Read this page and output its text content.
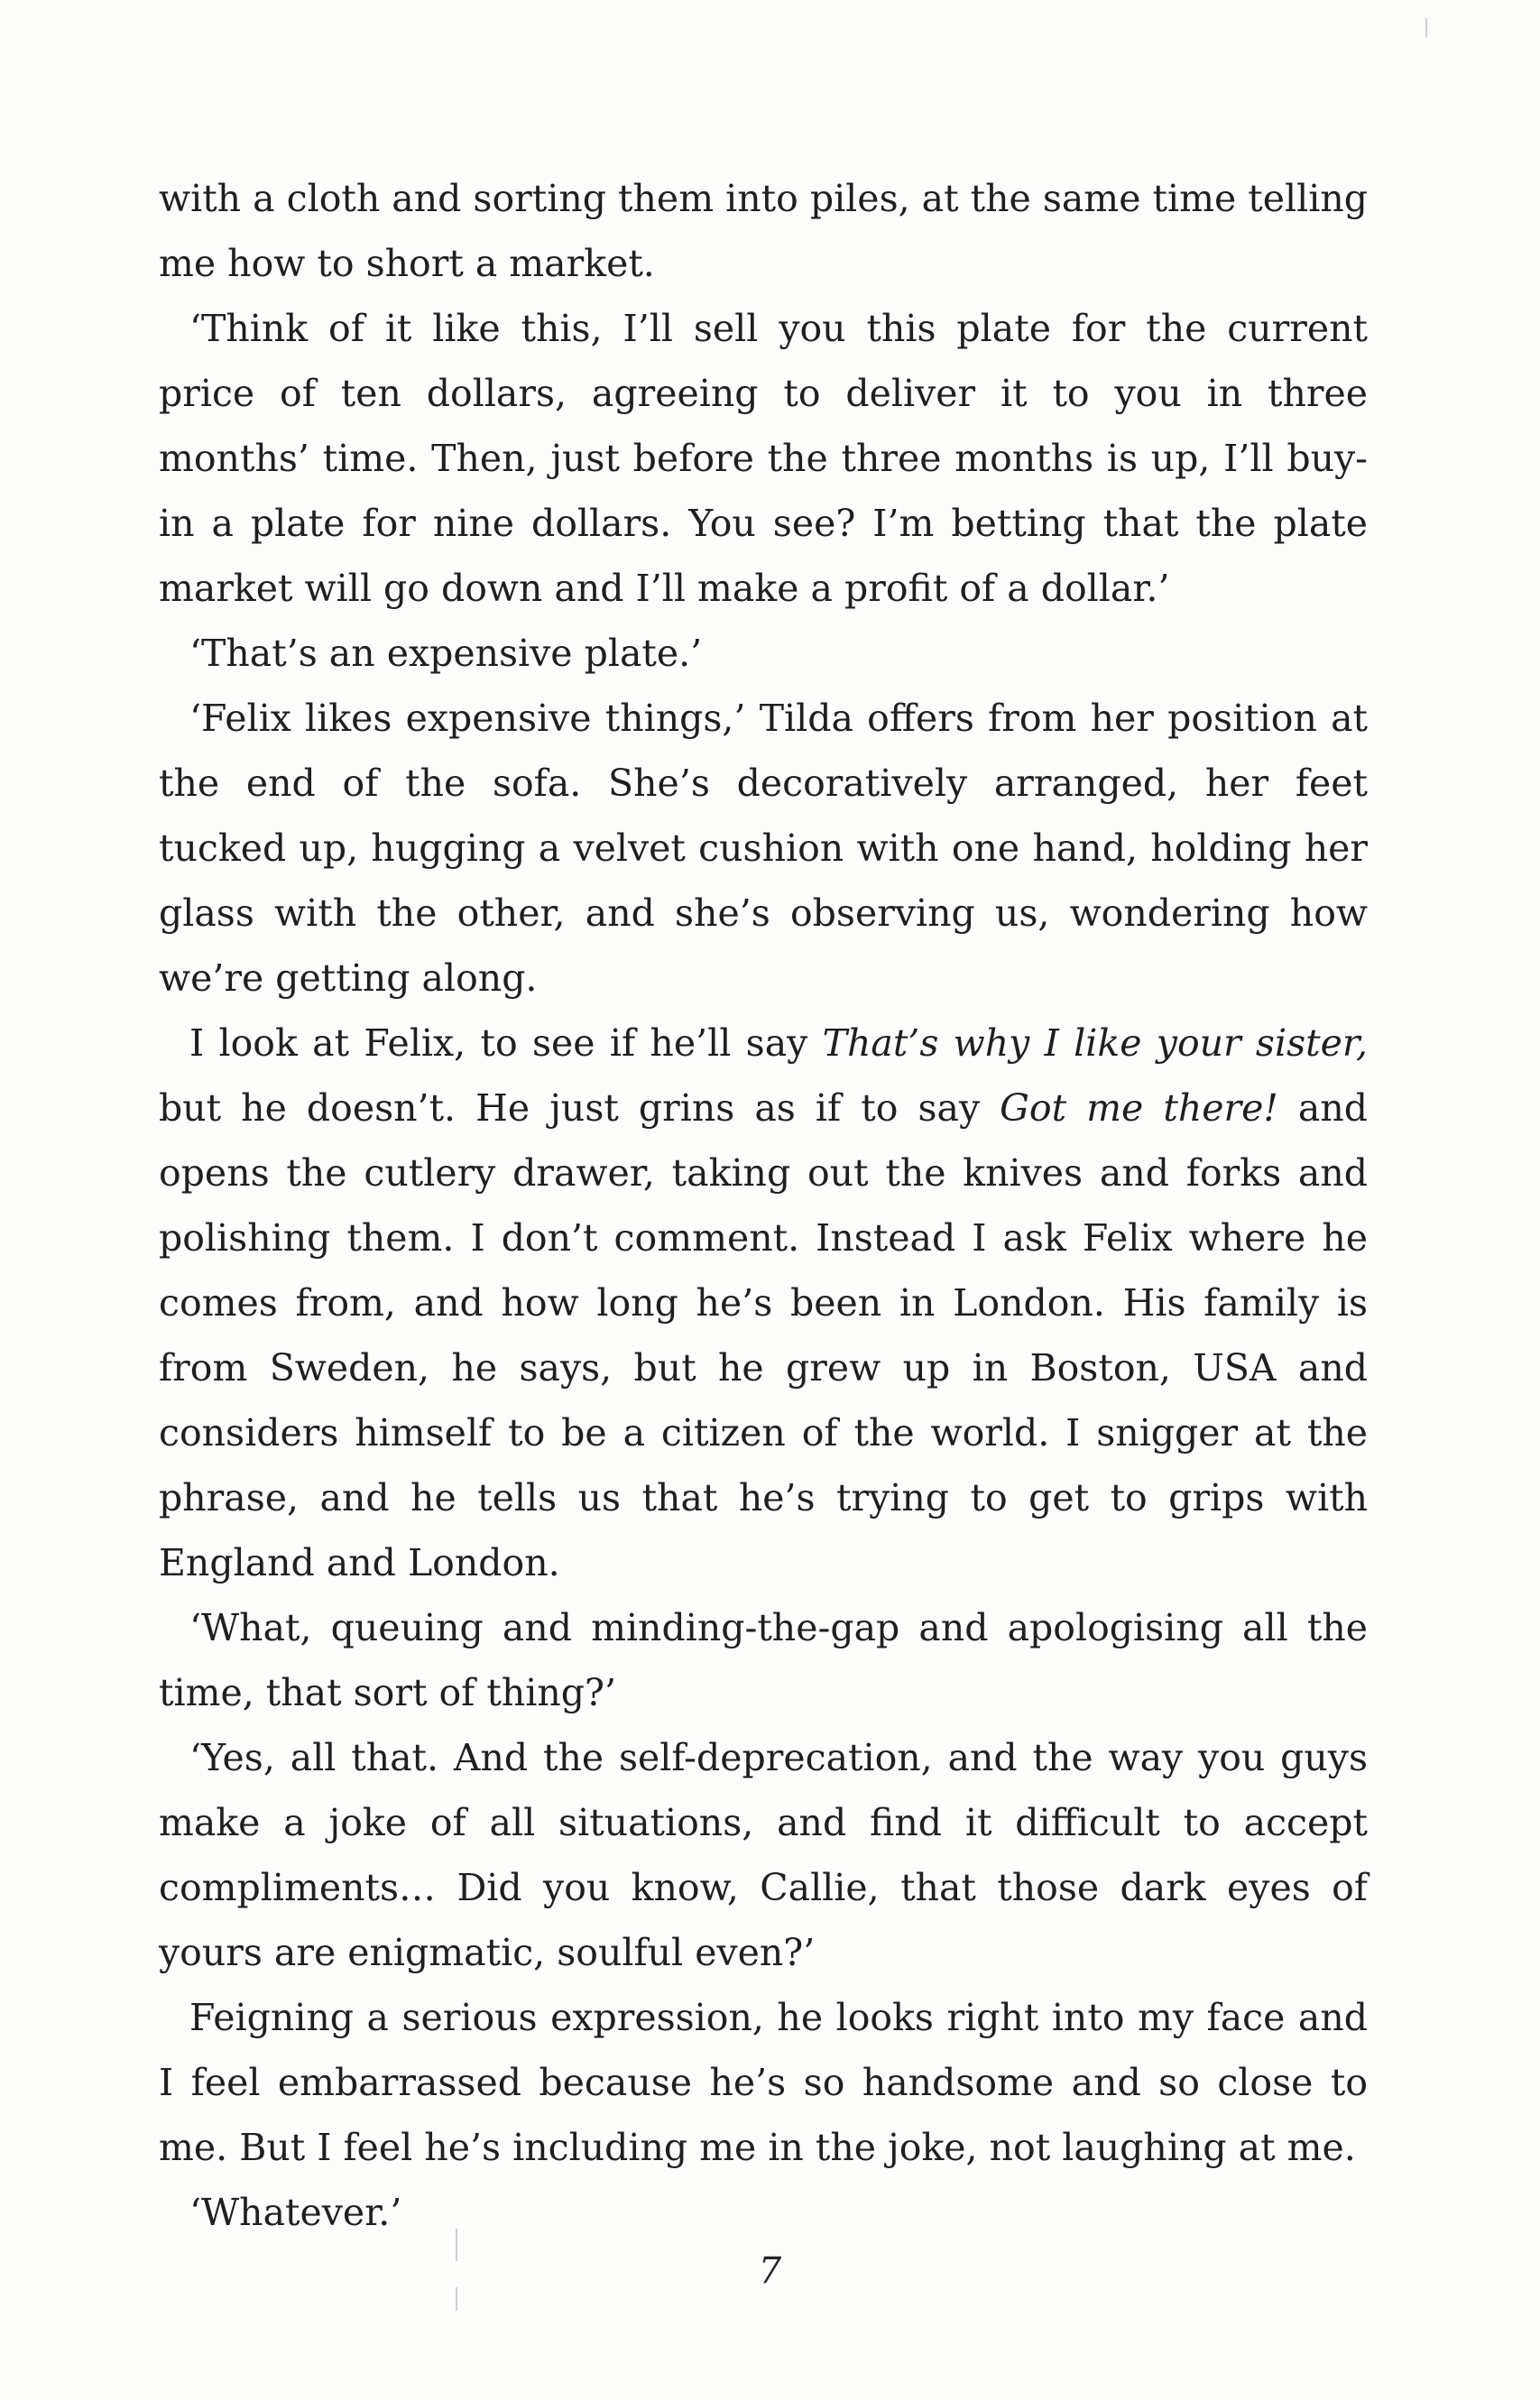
with a cloth and sorting them into piles, at the same time telling me how to short a market.

‘Think of it like this, I’ll sell you this plate for the current price of ten dollars, agreeing to deliver it to you in three months’ time. Then, just before the three months is up, I’ll buy-in a plate for nine dollars. You see? I’m betting that the plate market will go down and I’ll make a profit of a dollar.’

‘That’s an expensive plate.’

‘Felix likes expensive things,’ Tilda offers from her position at the end of the sofa. She’s decoratively arranged, her feet tucked up, hugging a velvet cushion with one hand, holding her glass with the other, and she’s observing us, wondering how we’re getting along.

I look at Felix, to see if he’ll say That’s why I like your sister, but he doesn’t. He just grins as if to say Got me there! and opens the cutlery drawer, taking out the knives and forks and polishing them. I don’t comment. Instead I ask Felix where he comes from, and how long he’s been in London. His family is from Sweden, he says, but he grew up in Boston, USA and considers himself to be a citizen of the world. I snigger at the phrase, and he tells us that he’s trying to get to grips with England and London.

‘What, queuing and minding-the-gap and apologising all the time, that sort of thing?’

‘Yes, all that. And the self-deprecation, and the way you guys make a joke of all situations, and find it difficult to accept compliments… Did you know, Callie, that those dark eyes of yours are enigmatic, soulful even?’

Feigning a serious expression, he looks right into my face and I feel embarrassed because he’s so handsome and so close to me. But I feel he’s including me in the joke, not laughing at me.

‘Whatever.’

7
